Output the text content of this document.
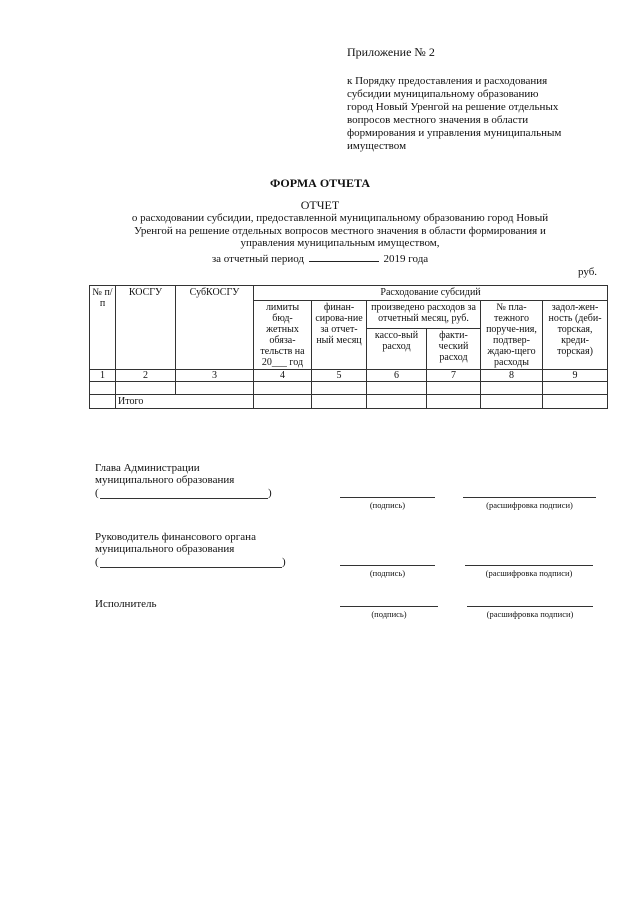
Приложение № 2
к Порядку предоставления и расходования
субсидии муниципальному образованию
город Новый Уренгой на решение отдельных
вопросов местного значения в области
формирования и управления муниципальным
имуществом
ФОРМА ОТЧЕТА
ОТЧЕТ
о расходовании субсидии, предоставленной муниципальному образованию город Новый
Уренгой на решение отдельных вопросов местного значения в области формирования и
управления муниципальным имуществом,
за отчетный период	2019 года
руб.
№ п/п	КОСГУ	СубКОСГУ	Расходование субсидий					
			лимиты бюд-жетных обяза-тельств на 20___ год	финан-сирова-ние за отчет-ный месяц	произведено расходов за отчетный месяц, руб.		№ пла-тежного поруче-ния, подтвер-ждаю-щего расходы	задол-жен-ность (деби-торская, креди-торская)
					кассо-вый расход	факти-ческий расход		
1	2	3	4	5	6	7	8	9

	Итого							
Глава Администрации
муниципального образования
(	)
(подпись)	(расшифровка подписи)
Руководитель финансового органа
муниципального образования
(	)
(подпись)	(расшифровка подписи)
Исполнитель
(подпись)	(расшифровка подписи)
